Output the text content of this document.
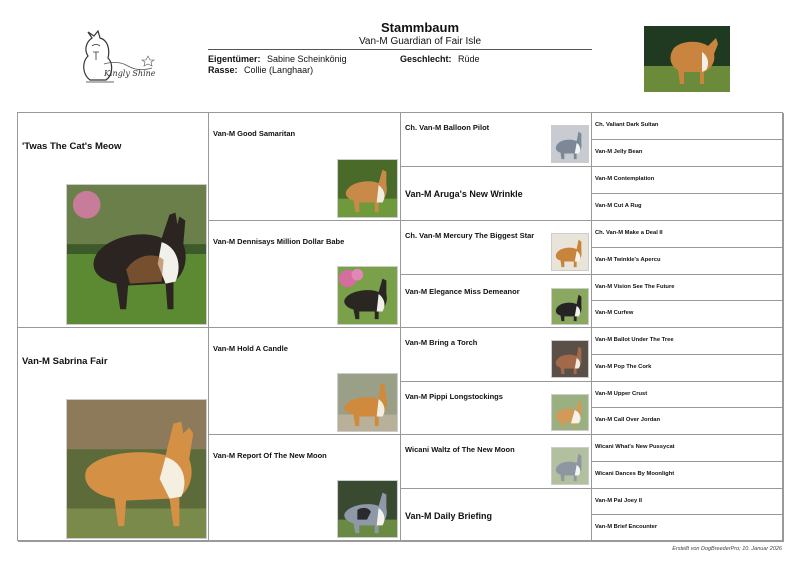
Kingly Shine
Stammbaum
Van-M Guardian of Fair Isle
Eigentümer: Sabine Scheinkönig
Rasse: Collie (Langhaar)
Geschlecht: Rüde
'Twas The Cat's Meow
Van-M Sabrina Fair
Van-M Good Samaritan
Van-M Dennisays Million Dollar Babe
Van-M Hold A Candle
Van-M Report Of The New Moon
Ch. Van-M Balloon Pilot
Van-M Aruga's New Wrinkle
Ch. Van-M Mercury The Biggest Star
Van-M Elegance Miss Demeanor
Van-M Bring a Torch
Van-M Pippi Longstockings
Wicani Waltz of The New Moon
Van-M Daily Briefing
Ch. Valiant Dark Sultan
Van-M Jelly Bean
Van-M Contemplation
Van-M Cut A Rug
Ch. Van-M Make a Deal II
Van-M Twinkle's Apercu
Van-M Vision See The Future
Van-M Curfew
Van-M Ballot Under The Tree
Van-M Pop The Cork
Van-M Upper Crust
Van-M Call Over Jordan
Wicani What's New Pussycat
Wicani Dances By Moonlight
Van-M Pal Joey II
Van-M Brief Encounter
Erstellt von DogBreederPro; 10. Januar 2026
